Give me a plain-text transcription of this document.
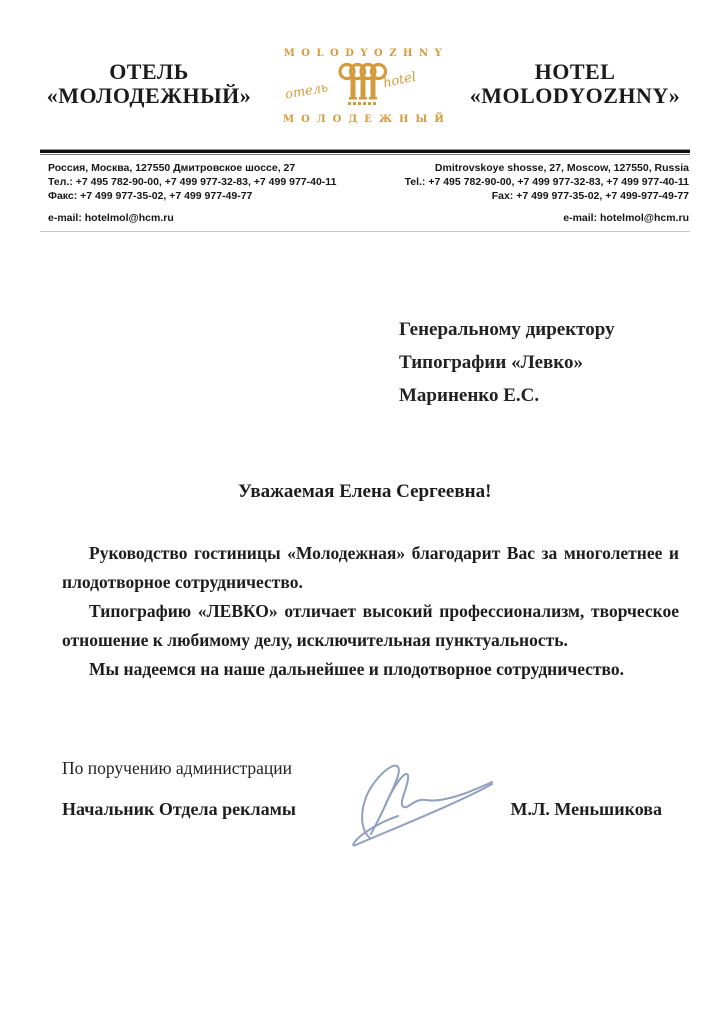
ОТЕЛЬ
«МОЛОДЕЖНЫЙ»
MOLODYOZHNY
отель	hotel
МОЛОДЕЖНЫЙ
HOTEL
«MOLODYOZHNY»
Россия, Москва, 127550 Дмитровское шоссе, 27
Тел.: +7 495 782-90-00, +7 499 977-32-83, +7 499 977-40-11
Факс: +7 499 977-35-02, +7 499 977-49-77
e-mail: hotelmol@hcm.ru
Dmitrovskoye shosse, 27, Moscow, 127550, Russia
Tel.: +7 495 782-90-00, +7 499 977-32-83, +7 499 977-40-11
Fax: +7 499 977-35-02, +7 499-977-49-77
e-mail: hotelmol@hcm.ru
Генеральному директору
Типографии «Левко»
Мариненко Е.С.
Уважаемая Елена Сергеевна!

Руководство гостиницы «Молодежная» благодарит Вас за многолетнее и плодотворное сотрудничество.

Типографию «ЛЕВКО» отличает высокий профессионализм, творческое отношение к любимому делу, исключительная пунктуальность.

Мы надеемся на наше дальнейшее и плодотворное сотрудничество.

По поручению администрации
Начальник Отдела рекламы	М.Л. Меньшикова
